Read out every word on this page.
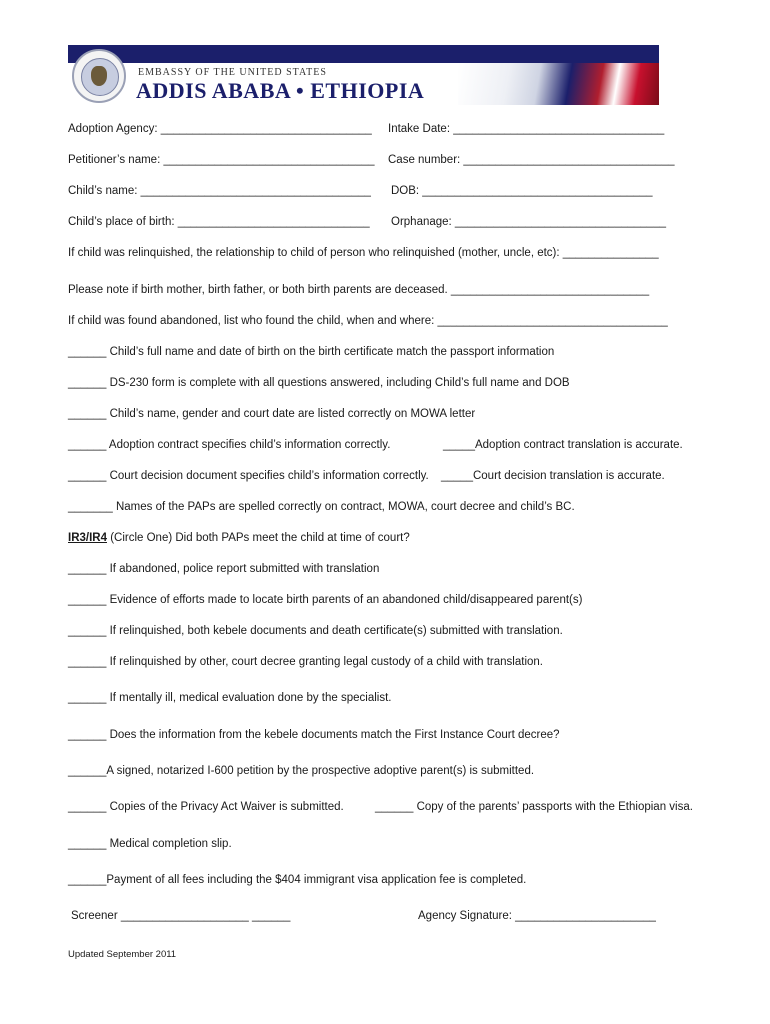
EMBASSY OF THE UNITED STATES
ADDIS ABABA • ETHIOPIA
Adoption Agency: _________________________________ Intake Date: _________________________________
Petitioner’s name: _________________________________ Case number: _________________________________
Child’s name: ____________________________________ DOB: ____________________________________
Child’s place of birth: ______________________________ Orphanage: _________________________________
If child was relinquished, the relationship to child of person who relinquished (mother, uncle, etc): _______________
Please note if birth mother, birth father, or both birth parents are deceased. _______________________________
If child was found abandoned, list who found the child, when and where: ____________________________________
______ Child’s full name and date of birth on the birth certificate match the passport information
______ DS-230 form is complete with all questions answered, including Child’s full name and DOB
______ Child’s name, gender and court date are listed correctly on MOWA letter
______ Adoption contract specifies child’s information correctly.	_____Adoption contract translation is accurate.
______ Court decision document specifies child’s information correctly. _____Court decision translation is accurate.
_______ Names of the PAPs are spelled correctly on contract, MOWA, court decree and child’s BC.
IR3/IR4 (Circle One) Did both PAPs meet the child at time of court?
______ If abandoned, police report submitted with translation
______ Evidence of efforts made to locate birth parents of an abandoned child/disappeared parent(s)
______ If relinquished, both kebele documents and death certificate(s) submitted with translation.
______ If relinquished by other, court decree granting legal custody of a child with translation.
______ If mentally ill, medical evaluation done by the specialist.
______ Does the information from the kebele documents match the First Instance Court decree?
______A signed, notarized I-600 petition by the prospective adoptive parent(s) is submitted.
______ Copies of the Privacy Act Waiver is submitted.	______ Copy of the parents’ passports with the Ethiopian visa.
______ Medical completion slip.
______Payment of all fees including the $404 immigrant visa application fee is completed.
Screener ____________________ ______	Agency Signature: ______________________
Updated September 2011
